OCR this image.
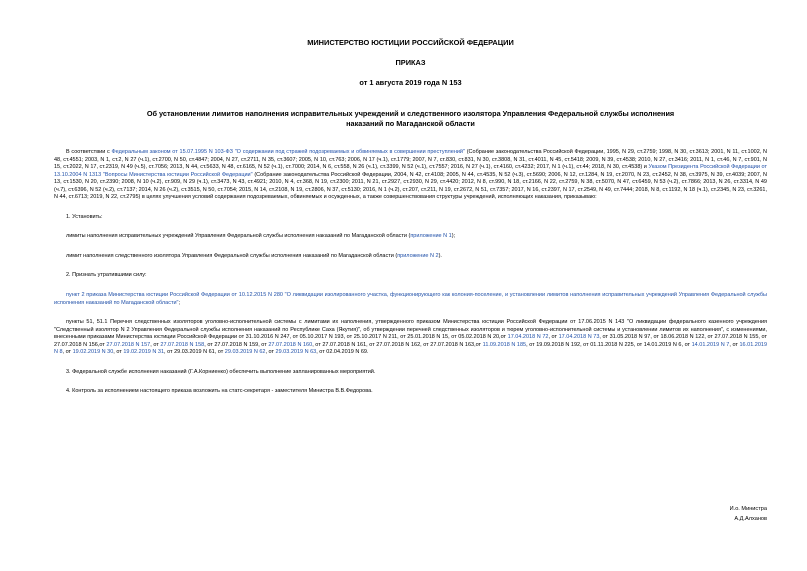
МИНИСТЕРСТВО ЮСТИЦИИ РОССИЙСКОЙ ФЕДЕРАЦИИ
ПРИКАЗ
от 1 августа 2019 года N 153
Об установлении лимитов наполнения исправительных учреждений и следственного изолятора Управления Федеральной службы исполнения наказаний по Магаданской области

В соответствии с Федеральным законом от 15.07.1995 N 103-ФЗ "О содержании под стражей подозреваемых и обвиняемых в совершении преступлений" (Собрание законодательства Российской Федерации, 1995, N 29, ст.2759; 1998, N 30, ст.3613; 2001, N 11, ст.1002, N 48, ст.4551; 2003, N 1, ст.2, N 27 (ч.1), ст.2700, N 50, ст.4847; 2004, N 27, ст.2711, N 35, ст.3607; 2005, N 10, ст.763; 2006, N 17 (ч.1), ст.1779; 2007, N 7, ст.830, ст.831, N 30, ст.3808, N 31, ст.4011, N 45, ст.5418; 2009, N 39, ст.4538; 2010, N 27, ст.3416; 2011, N 1, ст.46, N 7, ст.901, N 15, ст.2022, N 17, ст.2319, N 49 (ч.5), ст.7056; 2013, N 44, ст.5633, N 48, ст.6165, N 52 (ч.1), ст.7000; 2014, N 6, ст.558, N 26 (ч.1), ст.3399, N 52 (ч.1), ст.7557; 2016, N 27 (ч.1), ст.4160, ст.4232; 2017, N 1 (ч.1), ст.44; 2018, N 30, ст.4538) и Указом Президента Российской Федерации от 13.10.2004 N 1313 "Вопросы Министерства юстиции Российской Федерации" (Собрание законодательства Российской Федерации, 2004, N 42, ст.4108; 2005, N 44, ст.4535, N 52 (ч.3), ст.5690; 2006, N 12, ст.1284, N 19, ст.2070, N 23, ст.2452, N 38, ст.3975, N 39, ст.4039; 2007, N 13, ст.1530, N 20, ст.2390; 2008, N 10 (ч.2), ст.909, N 29 (ч.1), ст.3473, N 43, ст.4921; 2010, N 4, ст.368, N 19, ст.2300; 2011, N 21, ст.2927, ст.2930, N 29, ст.4420; 2012, N 8, ст.990, N 18, ст.2166, N 22, ст.2759, N 38, ст.5070, N 47, ст.6459, N 53 (ч.2), ст.7866; 2013, N 26, ст.3314, N 49 (ч.7), ст.6396, N 52 (ч.2), ст.7137; 2014, N 26 (ч.2), ст.3515, N 50, ст.7054; 2015, N 14, ст.2108, N 19, ст.2806, N 37, ст.5130; 2016, N 1 (ч.2), ст.207, ст.211, N 19, ст.2672, N 51, ст.7357; 2017, N 16, ст.2397, N 17, ст.2549, N 49, ст.7444; 2018, N 8, ст.1192, N 18 (ч.1), ст.2345, N 23, ст.3261, N 44, ст.6713; 2019, N 22, ст.2795) в целях улучшения условий содержания подозреваемых, обвиняемых и осужденных, а также совершенствования структуры учреждений, исполняющих наказания, приказываю:

1. Установить:

лимиты наполнения исправительных учреждений Управления Федеральной службы исполнения наказаний по Магаданской области (приложение N 1);

лимит наполнения следственного изолятора Управления Федеральной службы исполнения наказаний по Магаданской области (приложение N 2).

2. Признать утратившими силу:

пункт 2 приказа Министерства юстиции Российской Федерации от 10.12.2015 N 280 "О ликвидации изолированного участка, функционирующего как колония-поселение, и установлении лимитов наполнения исправительных учреждений Управления Федеральной службы исполнения наказаний по Магаданской области";

пункты 51, 51.1 Перечня следственных изоляторов уголовно-исполнительной системы с лимитами их наполнения, утвержденного приказом Министерства юстиции Российской Федерации от 17.06.2015 N 143 "О ликвидации федерального казенного учреждения "Следственный изолятор N 2 Управления Федеральной службы исполнения наказаний по Республике Саха (Якутия)", об утверждении перечней следственных изоляторов и тюрем уголовно-исполнительной системы и установлении лимитов их наполнения", с изменениями, внесенными приказами Министерства юстиции Российской Федерации от 31.10.2016 N 247, от 05.10.2017 N 193, от 25.10.2017 N 211, от 25.01.2018 N 15, от 05.02.2018 N 20,от 17.04.2018 N 72, от 17.04.2018 N 73, от 31.05.2018 N 97, от 18.06.2018 N 122, от 27.07.2018 N 155, от 27.07.2018 N 156,от 27.07.2018 N 157, от 27.07.2018 N 158, от 27.07.2018 N 159, от 27.07.2018 N 160, от 27.07.2018 N 161, от 27.07.2018 N 162, от 27.07.2018 N 163,от 11.09.2018 N 185, от 19.09.2018 N 192, от 01.11.2018 N 225, от 14.01.2019 N 6, от 14.01.2019 N 7, от 16.01.2019 N 8, от 19.02.2019 N 30, от 19.02.2019 N 31, от 29.03.2019 N 61, от 29.03.2019 N 62, от 29.03.2019 N 63, от 02.04.2019 N 69.

3. Федеральной службе исполнения наказаний (Г.А.Корниенко) обеспечить выполнение запланированных мероприятий.

4. Контроль за исполнением настоящего приказа возложить на статс-секретаря - заместителя Министра В.В.Федорова.

И.о. Министра
А.Д.Алханов
